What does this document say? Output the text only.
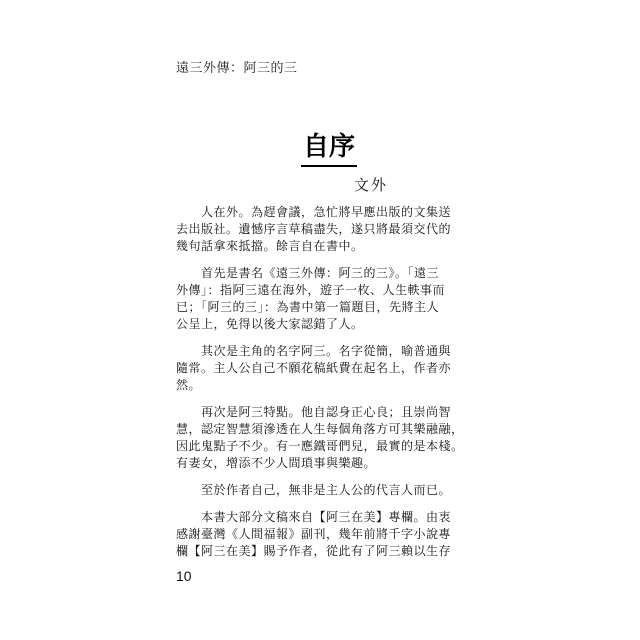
遠三外傳：阿三的三
自序
文外
　　人在外。為趕會議，急忙將早應出版的文集送
去出版社。遺憾序言草稿盡失，遂只將最須交代的
幾句話拿來抵擋。餘言自在書中。
　　首先是書名《遠三外傳：阿三的三》。「遠三
外傳」：指阿三遠在海外，遊子一枚、人生軼事而
已；「阿三的三」：為書中第一篇題目，先將主人
公呈上，免得以後大家認錯了人。
　　其次是主角的名字阿三。名字從簡，喻普通與
隨常。主人公自己不願花稿紙費在起名上，作者亦
然。
　　再次是阿三特點。他自認身正心良；且崇尚智
慧，認定智慧須滲透在人生每個角落方可其樂融融，
因此鬼點子不少。有一應鐵哥們兒，最實的是本棧。
有妻女，增添不少人間瑣事與樂趣。
　　至於作者自己，無非是主人公的代言人而已。
　　本書大部分文稿來自【阿三在美】專欄。由衷
感謝臺灣《人間福報》副刊，幾年前將千字小說專
欄【阿三在美】賜予作者，從此有了阿三賴以生存
10
